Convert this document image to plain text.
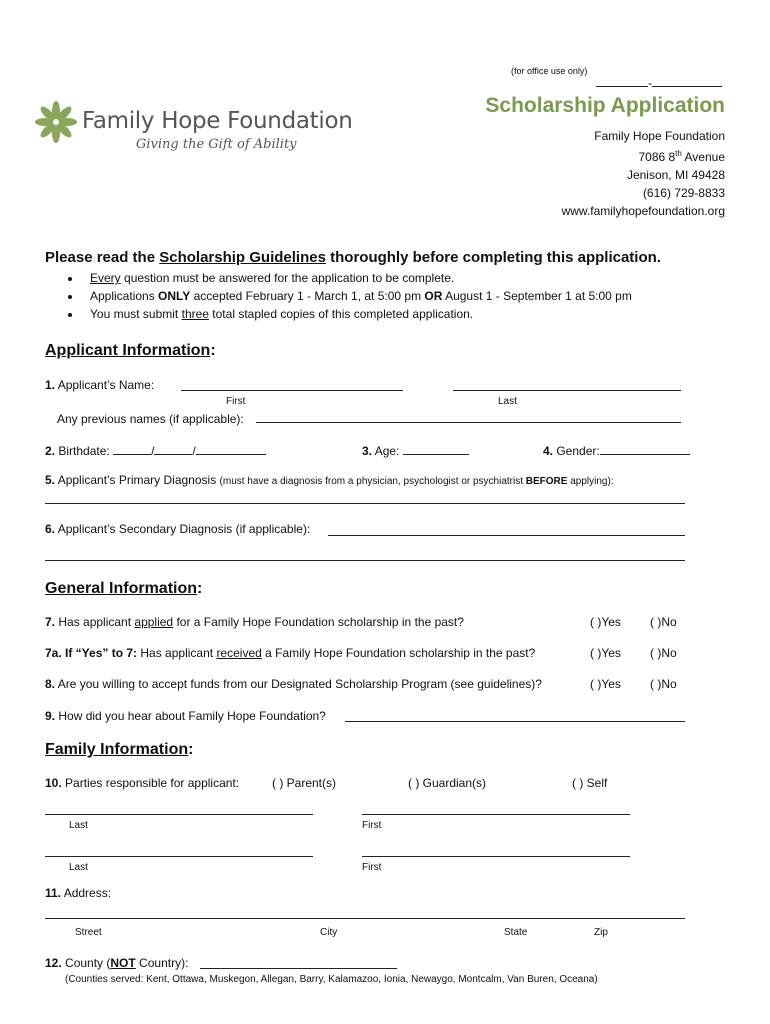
(for office use only)
-
Family Hope Foundation
Giving the Gift of Ability
Scholarship Application
Family Hope Foundation
7086 8th Avenue
Jenison, MI 49428
(616) 729-8833
www.familyhopefoundation.org
Please read the Scholarship Guidelines thoroughly before completing this application.
Every question must be answered for the application to be complete.
Applications ONLY accepted February 1 - March 1, at 5:00 pm OR August 1 - September 1 at 5:00 pm
You must submit three total stapled copies of this completed application.
Applicant Information:
1. Applicant’s Name:
First	Last
Any previous names (if applicable):
2. Birthdate:	/	/	3. Age:	4. Gender:
5. Applicant’s Primary Diagnosis (must have a diagnosis from a physician, psychologist or psychiatrist BEFORE applying):
6. Applicant’s Secondary Diagnosis (if applicable):
General Information:
7. Has applicant applied for a Family Hope Foundation scholarship in the past?	( )Yes ( )No
7a. If “Yes” to 7: Has applicant received a Family Hope Foundation scholarship in the past?	( )Yes ( )No
8. Are you willing to accept funds from our Designated Scholarship Program (see guidelines)?	( )Yes ( )No
9. How did you hear about Family Hope Foundation?
Family Information:
10. Parties responsible for applicant:	( ) Parent(s)	( ) Guardian(s)	( ) Self
Last	First
Last	First
11. Address:
Street	City	State	Zip
12. County (NOT Country):
(Counties served: Kent, Ottawa, Muskegon, Allegan, Barry, Kalamazoo, Ionia, Newaygo, Montcalm, Van Buren, Oceana)
